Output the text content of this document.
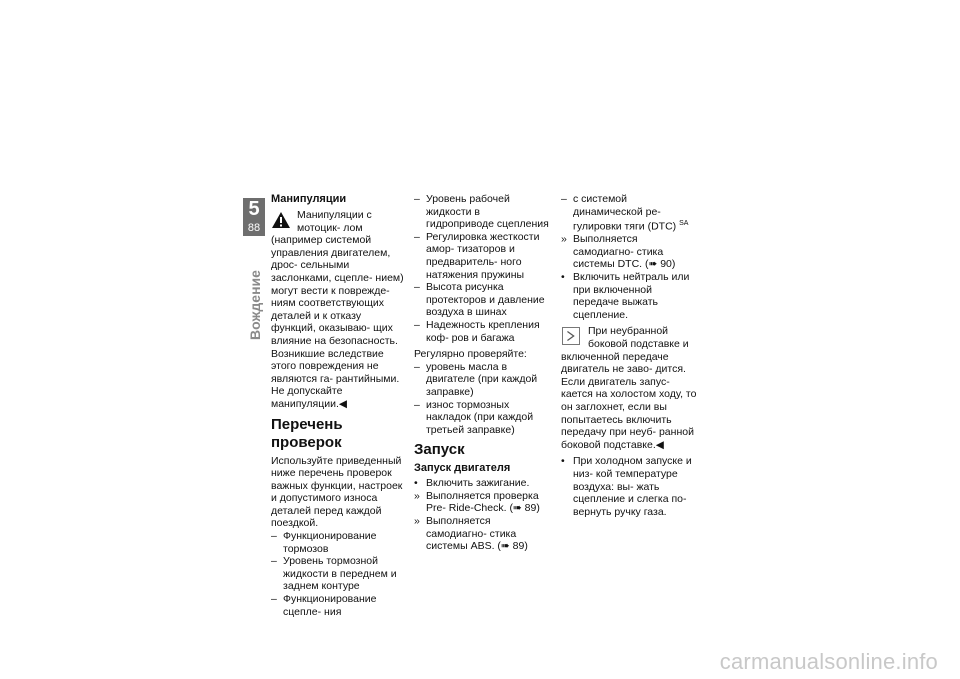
5
88
Вождение
Манипуляции

Манипуляции с мотоцик- лом (например системой управления двигателем, дрос- сельными заслонками, сцепле- нием) могут вести к поврежде- ниям соответствующих деталей и к отказу функций, оказываю- щих влияние на безопасность. Возникшие вследствие этого повреждения не являются га- рантийными.

Не допускайте манипуляции.◀

Перечень проверок

Используйте приведенный ниже перечень проверок важных функции, настроек и допустимого износа деталей перед каждой поездкой.

– Функционирование тормозов
– Уровень тормозной жидкости в переднем и заднем контуре
– Функционирование сцепле- ния
– Уровень рабочей жидкости в гидроприводе сцепления
– Регулировка жесткости амор- тизаторов и предваритель- ного натяжения пружины
– Высота рисунка протекторов и давление воздуха в шинах
– Надежность крепления коф- ров и багажа

Регулярно проверяйте:

– уровень масла в двигателе (при каждой заправке)
– износ тормозных накладок (при каждой третьей заправке)
Запуск
Запуск двигателя
• Включить зажигание.
» Выполняется проверка Pre- Ride-Check. (➠ 89)
» Выполняется самодиагно- стика системы ABS. (➠ 89)
– с системой динамической ре- гулировки тяги (DTC) $^{SA}$
» Выполняется самодиагно- стика системы DTC. (➠ 90)
• Включить нейтраль или при включенной передаче выжать сцепление.

При неубранной боковой подставке и включенной передаче двигатель не заво- дится. Если двигатель запус- кается на холостом ходу, то он заглохнет, если вы попытаетесь включить передачу при неуб- ранной боковой подставке.◀

• При холодном запуске и низ- кой температуре воздуха: вы- жать сцепление и слегка по- вернуть ручку газа.
carmanualsonline.info
